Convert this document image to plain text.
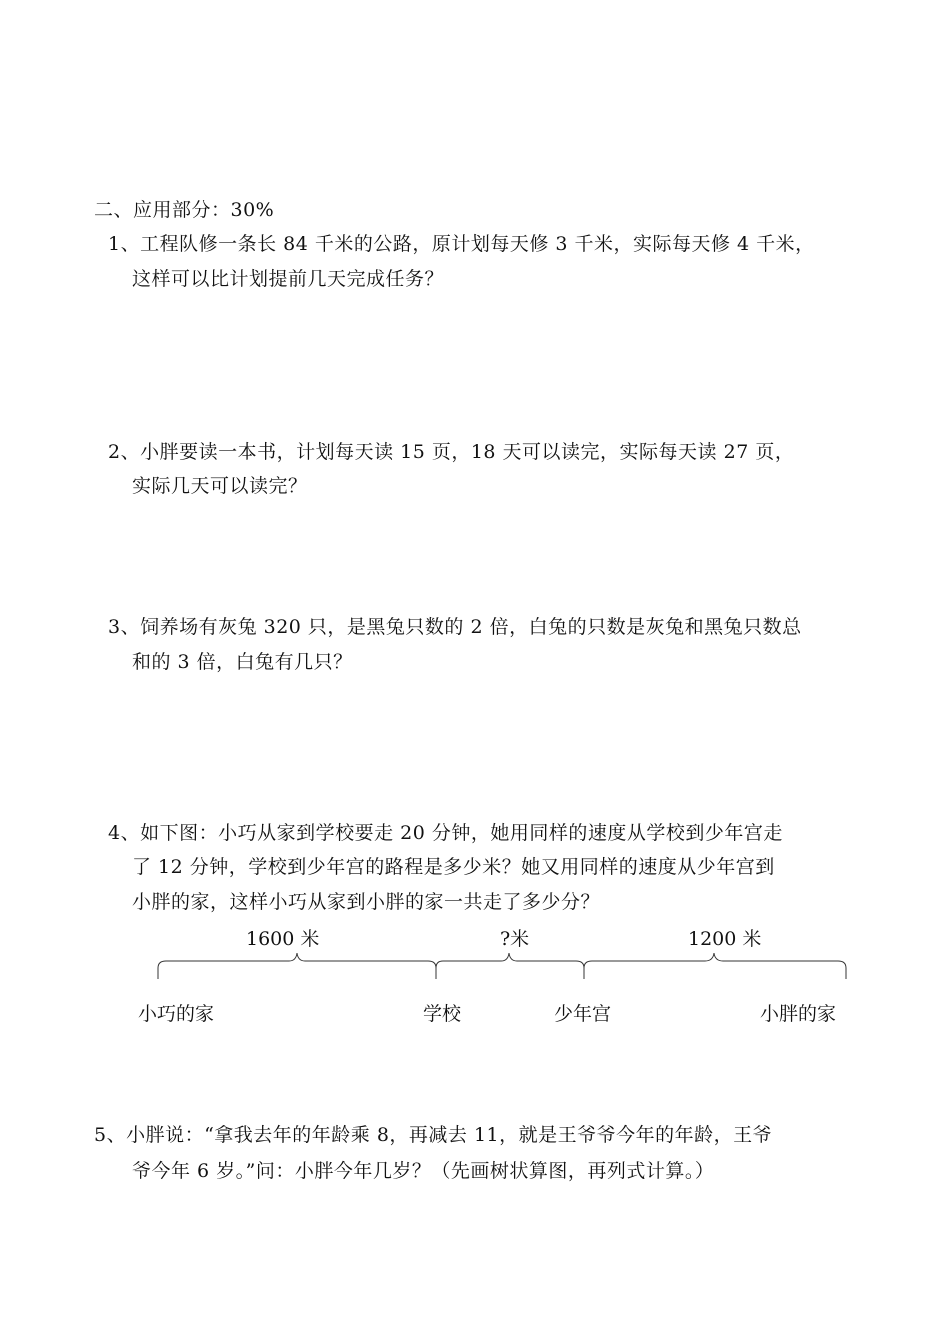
二、应用部分：30%
1、工程队修一条长 84 千米的公路，原计划每天修 3 千米，实际每天修 4 千米，
这样可以比计划提前几天完成任务？
2、小胖要读一本书，计划每天读 15 页，18 天可以读完，实际每天读 27 页，
实际几天可以读完？
3、饲养场有灰兔 320 只，是黑兔只数的 2 倍，白兔的只数是灰兔和黑兔只数总
和的 3 倍，白兔有几只？
4、如下图：小巧从家到学校要走 20 分钟，她用同样的速度从学校到少年宫走
了 12 分钟，学校到少年宫的路程是多少米？她又用同样的速度从少年宫到
小胖的家，这样小巧从家到小胖的家一共走了多少分？
1600 米	?米	1200 米
小巧的家	学校	少年宫	小胖的家
5、小胖说：“拿我去年的年龄乘 8，再减去 11，就是王爷爷今年的年龄，王爷
爷今年 6 岁。”问：小胖今年几岁？（先画树状算图，再列式计算。）
